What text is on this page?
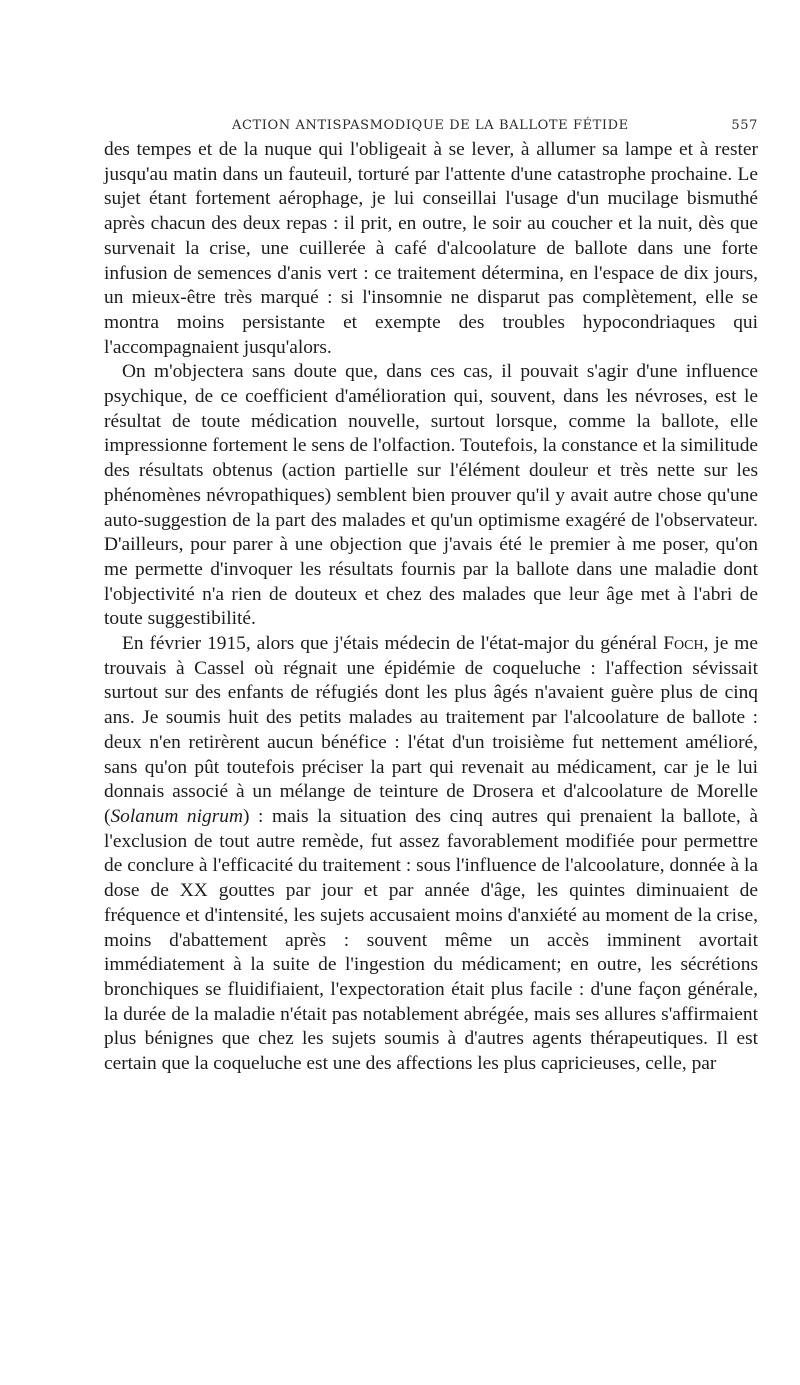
ACTION ANTISPASMODIQUE DE LA BALLOTE FÉTIDE	557

des tempes et de la nuque qui l'obligeait à se lever, à allumer sa lampe et à rester jusqu'au matin dans un fauteuil, torturé par l'attente d'une catastrophe prochaine. Le sujet étant fortement aérophage, je lui conseillai l'usage d'un mucilage bismuthé après chacun des deux repas : il prit, en outre, le soir au coucher et la nuit, dès que survenait la crise, une cuillerée à café d'alcoolature de ballote dans une forte infusion de semences d'anis vert : ce traitement détermina, en l'espace de dix jours, un mieux-être très marqué : si l'insomnie ne disparut pas complètement, elle se montra moins persistante et exempte des troubles hypocondriaques qui l'accompagnaient jusqu'alors.

On m'objectera sans doute que, dans ces cas, il pouvait s'agir d'une influence psychique, de ce coefficient d'amélioration qui, souvent, dans les névroses, est le résultat de toute médication nouvelle, surtout lorsque, comme la ballote, elle impressionne fortement le sens de l'olfaction. Toutefois, la constance et la similitude des résultats obtenus (action partielle sur l'élément douleur et très nette sur les phénomènes névropathiques) semblent bien prouver qu'il y avait autre chose qu'une auto-suggestion de la part des malades et qu'un optimisme exagéré de l'observateur. D'ailleurs, pour parer à une objection que j'avais été le premier à me poser, qu'on me permette d'invoquer les résultats fournis par la ballote dans une maladie dont l'objectivité n'a rien de douteux et chez des malades que leur âge met à l'abri de toute suggestibilité.

En février 1915, alors que j'étais médecin de l'état-major du général Foch, je me trouvais à Cassel où régnait une épidémie de coqueluche : l'affection sévissait surtout sur des enfants de réfugiés dont les plus âgés n'avaient guère plus de cinq ans. Je soumis huit des petits malades au traitement par l'alcoolature de ballote : deux n'en retirèrent aucun bénéfice : l'état d'un troisième fut nettement amélioré, sans qu'on pût toutefois préciser la part qui revenait au médicament, car je le lui donnais associé à un mélange de teinture de Drosera et d'alcoolature de Morelle (Solanum nigrum) : mais la situation des cinq autres qui prenaient la ballote, à l'exclusion de tout autre remède, fut assez favorablement modifiée pour permettre de conclure à l'efficacité du traitement : sous l'influence de l'alcoolature, donnée à la dose de XX gouttes par jour et par année d'âge, les quintes diminuaient de fréquence et d'intensité, les sujets accusaient moins d'anxiété au moment de la crise, moins d'abattement après : souvent même un accès imminent avortait immédiatement à la suite de l'ingestion du médicament; en outre, les sécrétions bronchiques se fluidifiaient, l'expectoration était plus facile : d'une façon générale, la durée de la maladie n'était pas notablement abrégée, mais ses allures s'affirmaient plus bénignes que chez les sujets soumis à d'autres agents thérapeutiques. Il est certain que la coqueluche est une des affections les plus capricieuses, celle, par
